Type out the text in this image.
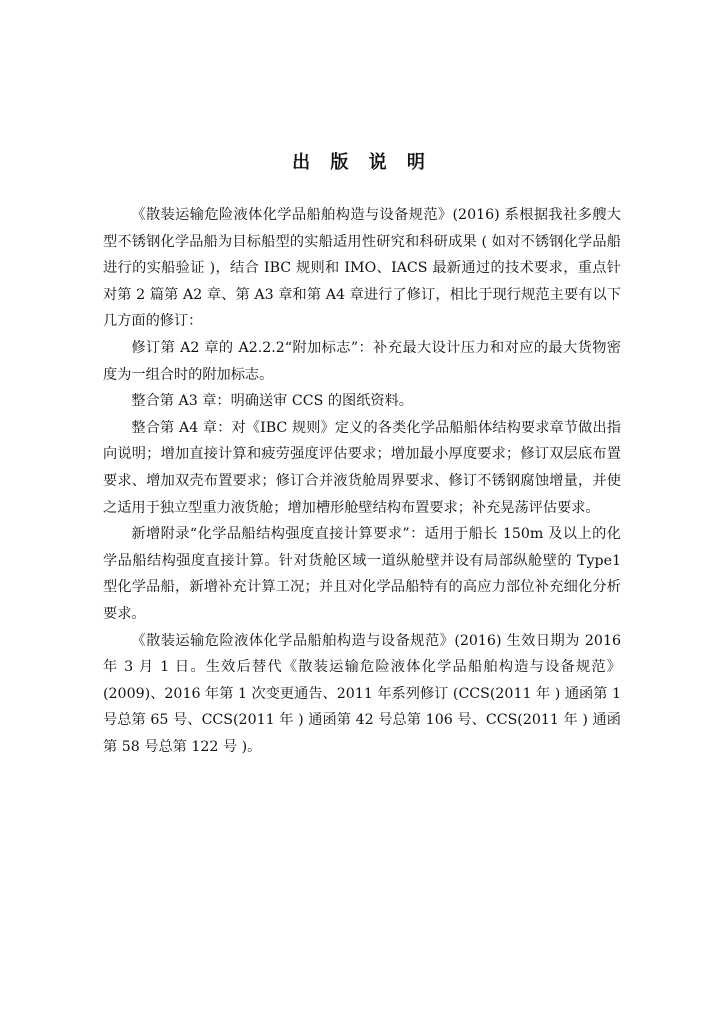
出 版 说 明

《散装运输危险液体化学品船舶构造与设备规范》(2016) 系根据我社多艘大型不锈钢化学品船为目标船型的实船适用性研究和科研成果 ( 如对不锈钢化学品船进行的实船验证 )，结合 IBC 规则和 IMO、IACS 最新通过的技术要求，重点针对第 2 篇第 A2 章、第 A3 章和第 A4 章进行了修订，相比于现行规范主要有以下几方面的修订：

修订第 A2 章的 A2.2.2“附加标志”：补充最大设计压力和对应的最大货物密度为一组合时的附加标志。

整合第 A3 章：明确送审 CCS 的图纸资料。

整合第 A4 章：对《IBC 规则》定义的各类化学品船船体结构要求章节做出指向说明；增加直接计算和疲劳强度评估要求；增加最小厚度要求；修订双层底布置要求、增加双壳布置要求；修订合并液货舱周界要求、修订不锈钢腐蚀增量，并使之适用于独立型重力液货舱；增加槽形舱壁结构布置要求；补充晃荡评估要求。

新增附录“化学品船结构强度直接计算要求”：适用于船长 150m 及以上的化学品船结构强度直接计算。针对货舱区域一道纵舱壁并设有局部纵舱壁的 Type1 型化学品船，新增补充计算工况；并且对化学品船特有的高应力部位补充细化分析要求。

《散装运输危险液体化学品船舶构造与设备规范》(2016) 生效日期为 2016 年 3 月 1 日。生效后替代《散装运输危险液体化学品船舶构造与设备规范》(2009)、2016 年第 1 次变更通告、2011 年系列修订 (CCS(2011 年 ) 通函第 1 号总第 65 号、CCS(2011 年 ) 通函第 42 号总第 106 号、CCS(2011 年 ) 通函第 58 号总第 122 号 )。
